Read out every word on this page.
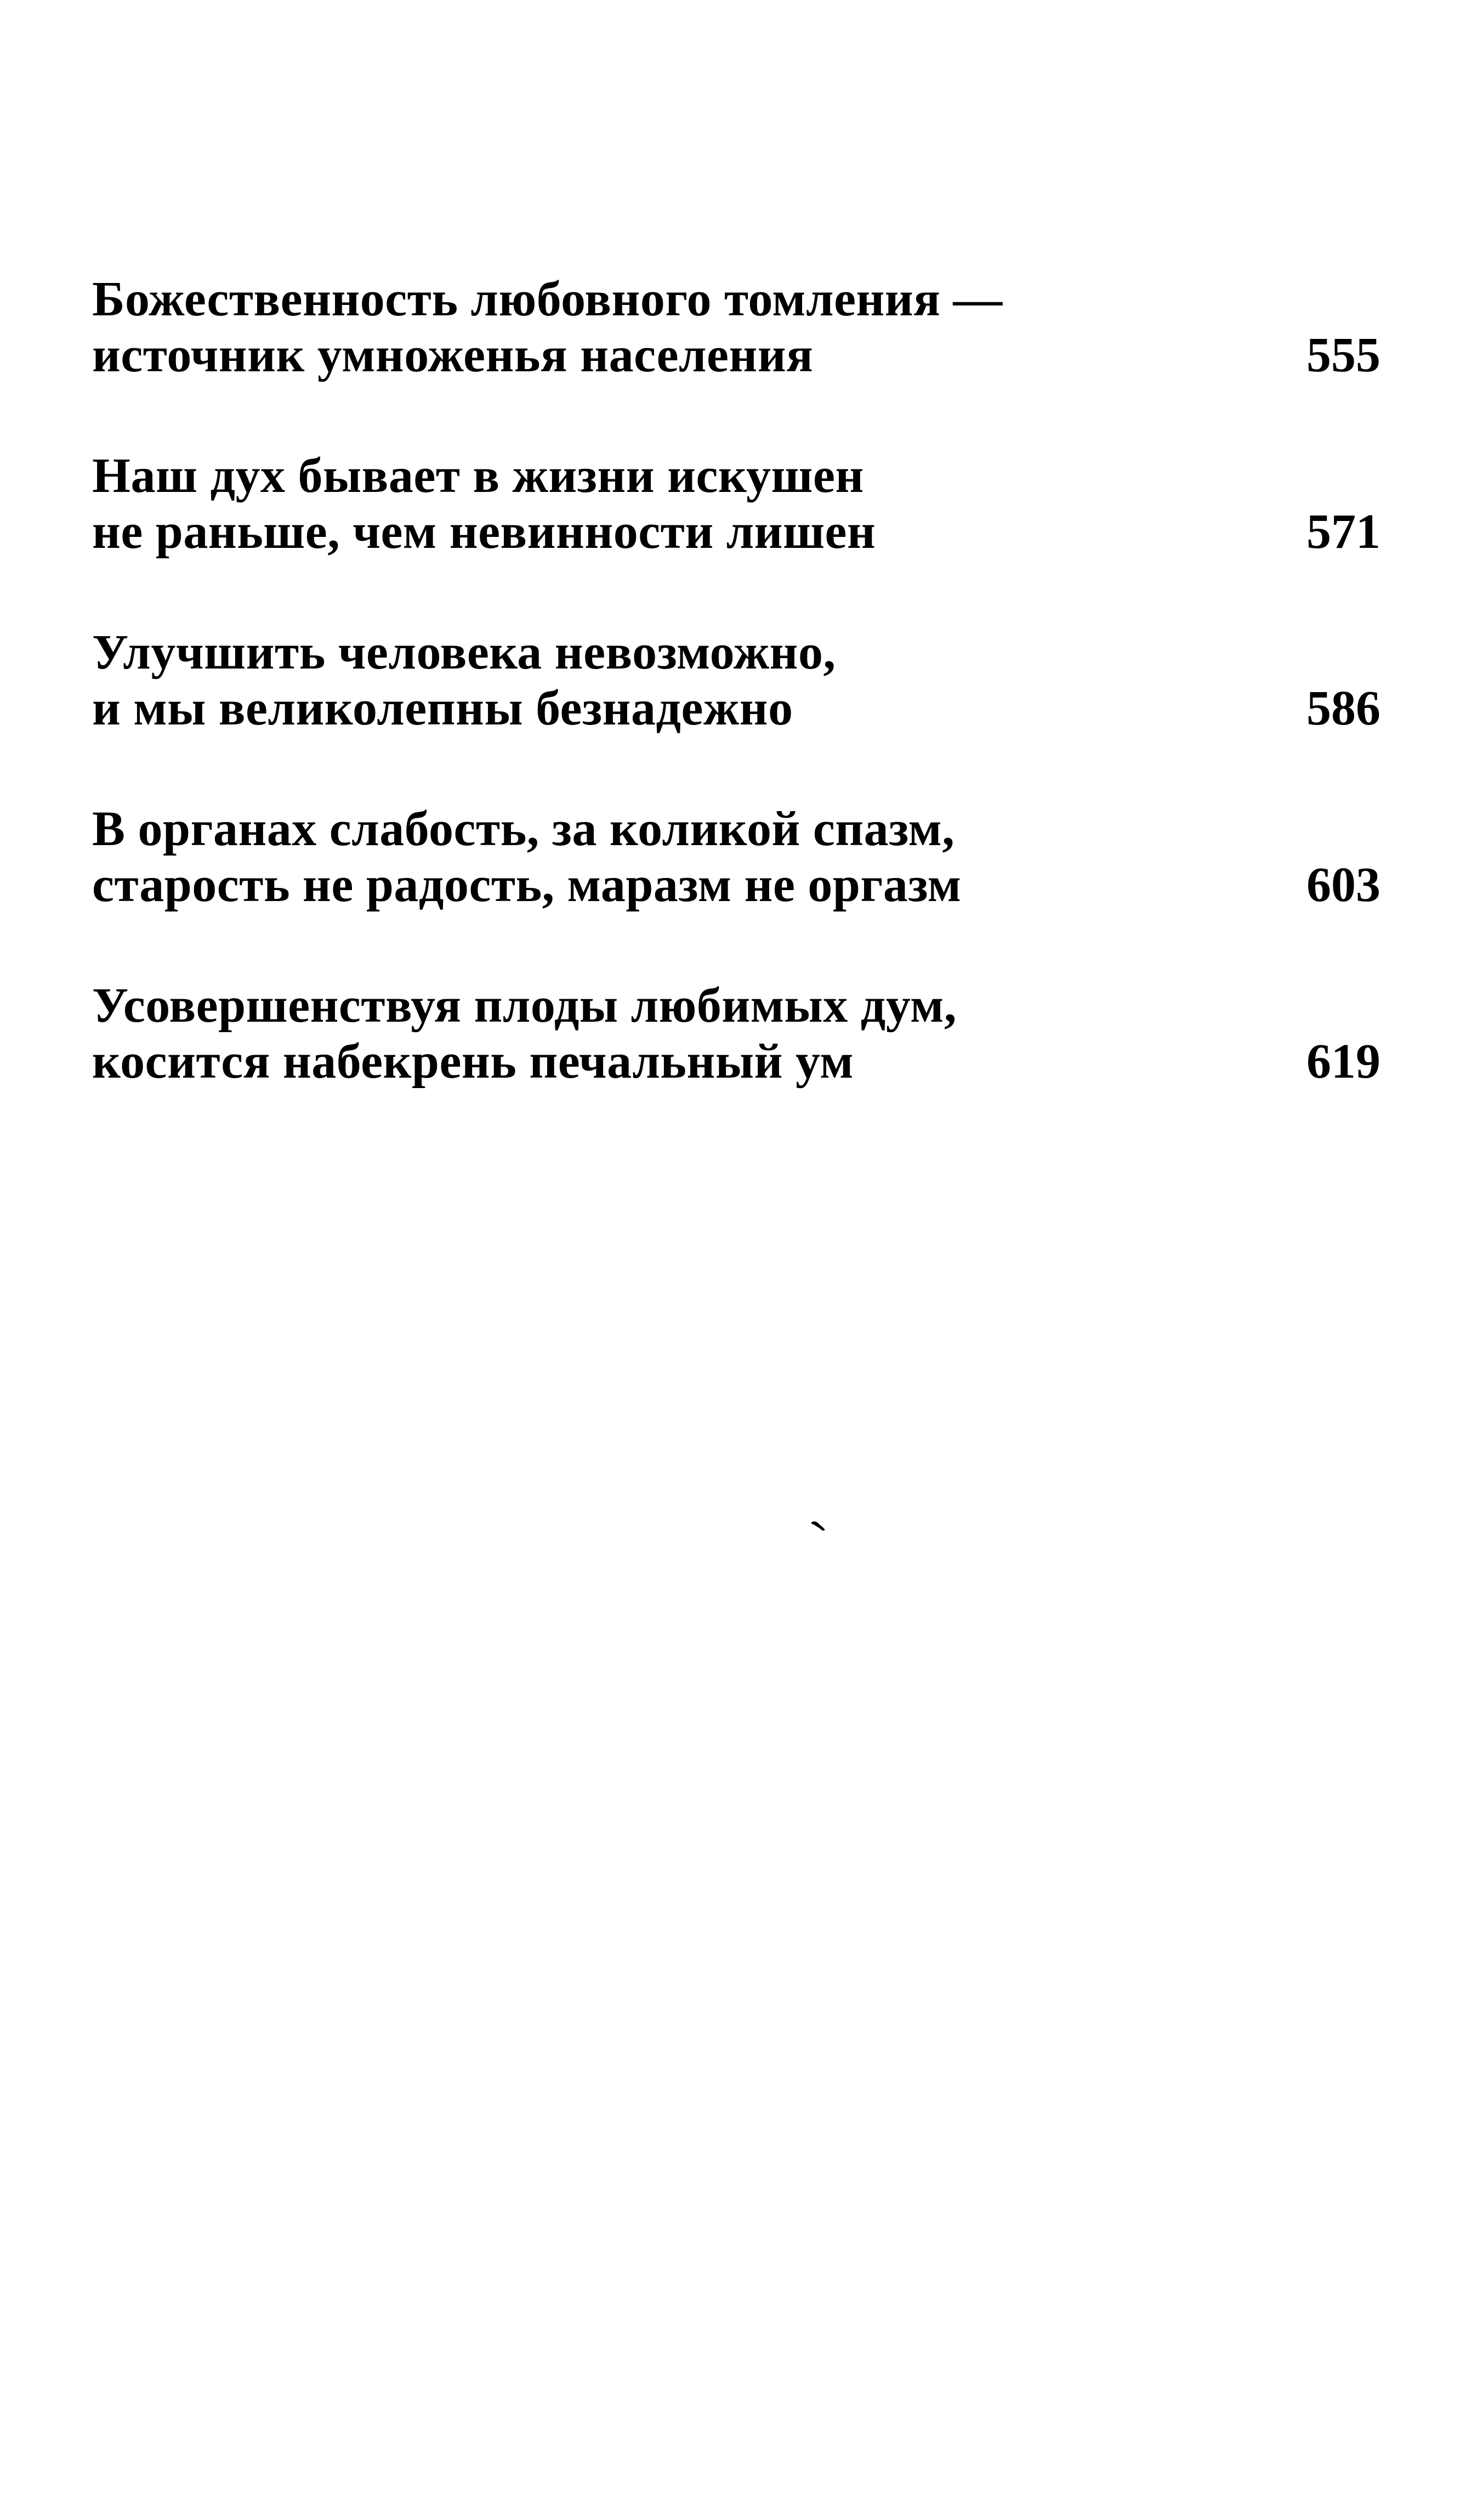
Божественность любовного томления —
источник умноженья населения	555
Наш дух бывает в жизни искушен
не раньше, чем невинности лишен	571
Улучшить человека невозможно,
и мы великолепны безнадежно	586
В органах слабость, за коликой спазм,
старость не радость, маразм не оргазм	603
Усовершенствуя плоды любимых дум,
косится набекрень печальный ум	619
